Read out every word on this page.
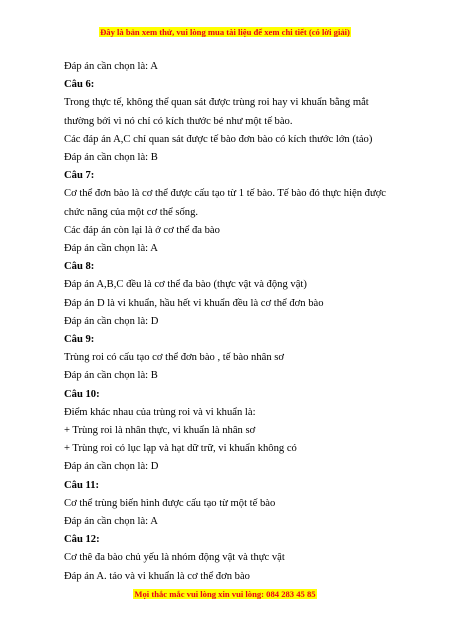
Đây là bản xem thử, vui lòng mua tài liệu để xem chi tiết (có lời giải)
Đáp án cần chọn là: A
Câu 6:
Trong thực tế, không thể quan sát được trùng roi hay vi khuẩn bằng mắt
thường bởi vì nó chỉ có kích thước bé như một tế bào.
Các đáp án A,C chỉ quan sát được tế bào đơn bào có kích thước lớn (tảo)
Đáp án cần chọn là: B
Câu 7:
Cơ thể đơn bào là cơ thể được cấu tạo từ 1 tế bào. Tế bào đó thực hiện được
chức năng của một cơ thể sống.
Các đáp án còn lại là ở cơ thể đa bào
Đáp án cần chọn là: A
Câu 8:
Đáp án A,B,C đều là cơ thể đa bào (thực vật và động vật)
Đáp án D là vi khuẩn, hầu hết vi khuẩn đều là cơ thể đơn bào
Đáp án cần chọn là: D
Câu 9:
Trùng roi có cấu tạo cơ thể đơn bào , tế bào nhân sơ
Đáp án cần chọn là: B
Câu 10:
Điểm khác nhau của trùng roi và vi khuẩn là:
+ Trùng roi là nhân thực, vi khuẩn là nhân sơ
+ Trùng roi có lục lạp và hạt dữ trữ, vi khuẩn không có
Đáp án cần chọn là: D
Câu 11:
Cơ thể trùng biến hình được cấu tạo từ một tế bào
Đáp án cần chọn là: A
Câu 12:
Cơ thê đa bào chủ yếu là nhóm động vật và thực vật
Đáp án A. tảo và vi khuẩn là cơ thể đơn bào
Mọi thắc mắc vui lòng xin vui lòng: 084 283 45 85
